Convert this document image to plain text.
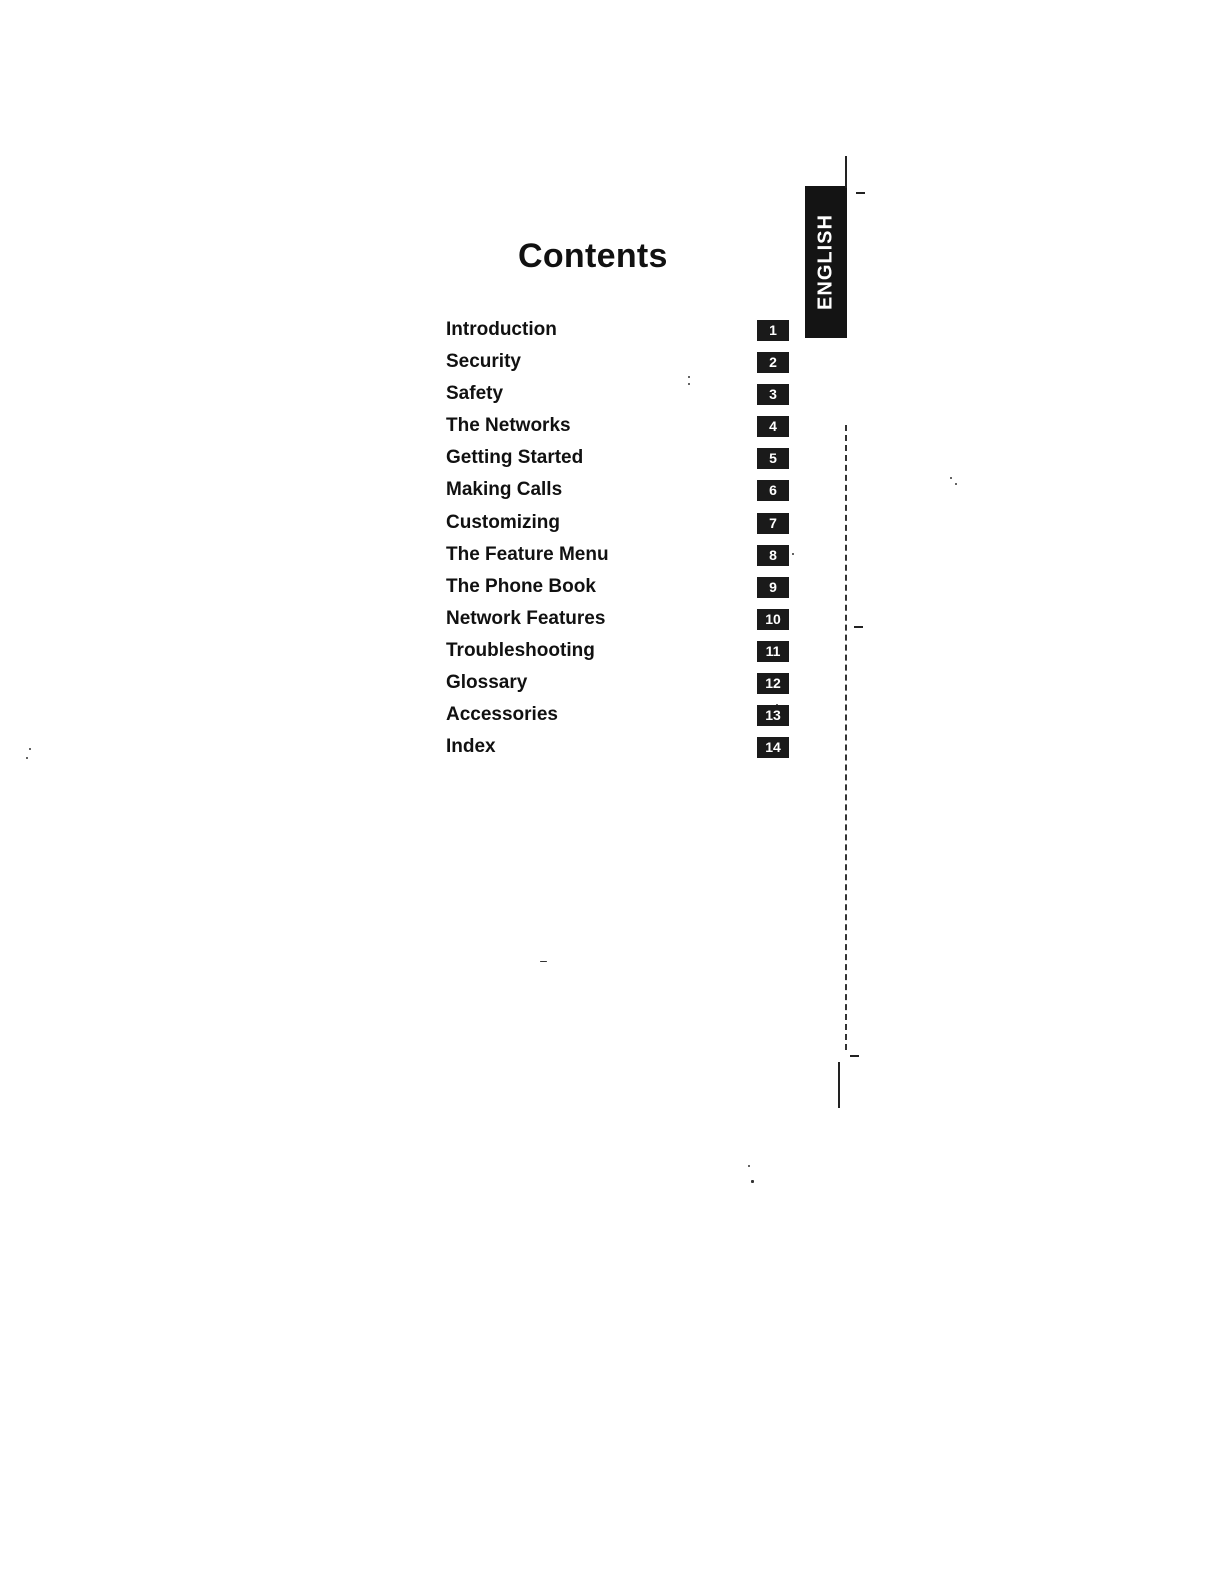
Contents	ENGLISH
Introduction	1
Security	2
Safety	3
The Networks	4
Getting Started	5
Making Calls	6
Customizing	7
The Feature Menu	8
The Phone Book	9
Network Features	10
Troubleshooting	11
Glossary	12
Accessories	13
Index	14
